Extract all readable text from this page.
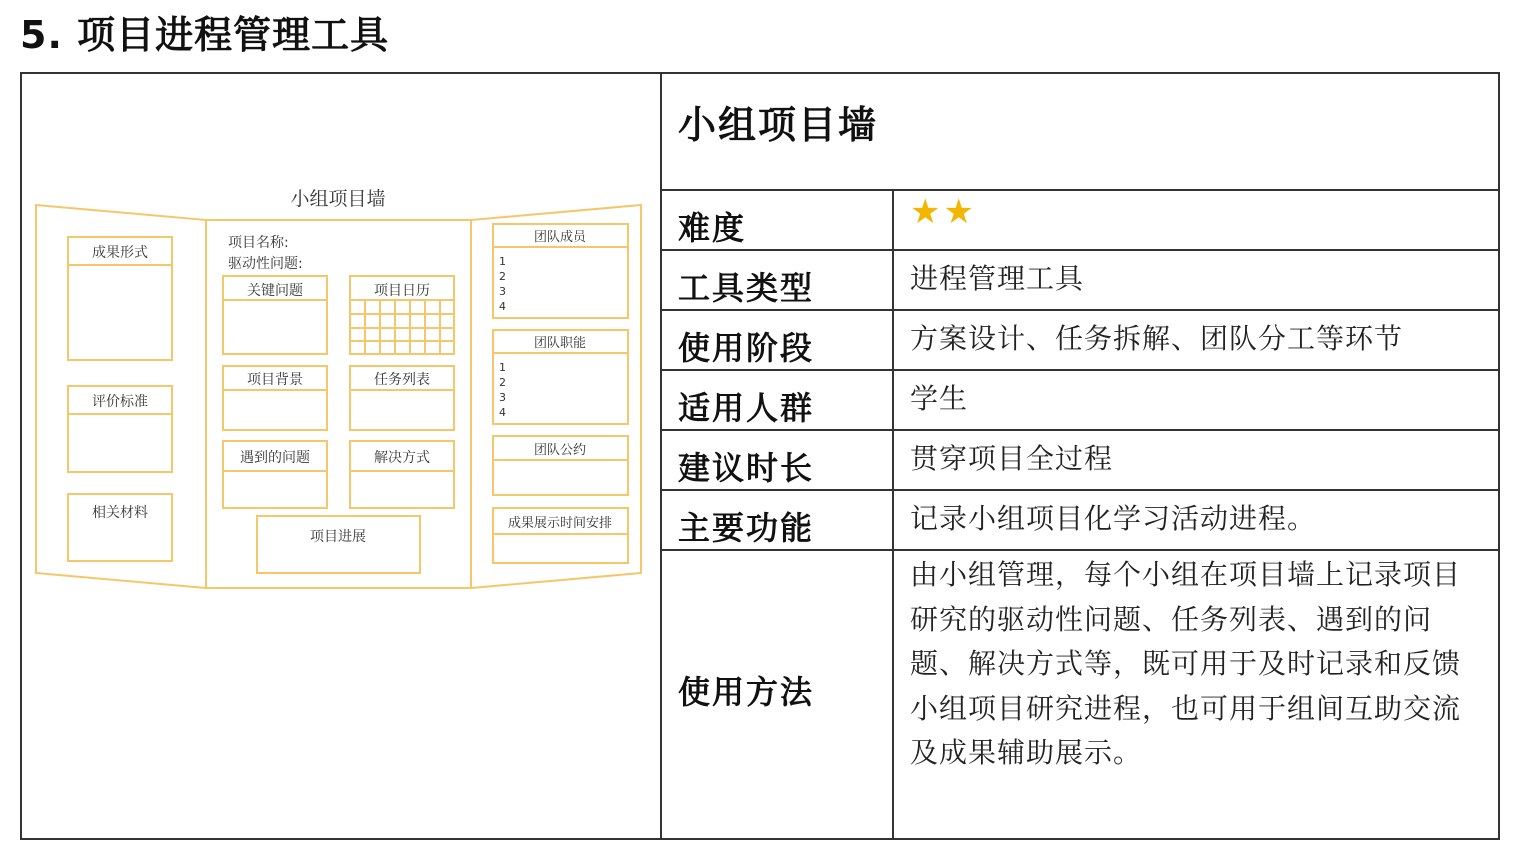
5. 项目进程管理工具
小组项目墙
成果形式
评价标准
相关材料
项目名称:
驱动性问题:
关键问题	项目日历
项目背景	任务列表
遇到的问题	解决方式
项目进展
团队成员
团队职能
团队公约
成果展示时间安排
1
2
3
4
1
2
3
4
小组项目墙
难度	★★
工具类型	进程管理工具
使用阶段	方案设计、任务拆解、团队分工等环节
适用人群	学生
建议时长	贯穿项目全过程
主要功能	记录小组项目化学习活动进程。
使用方法	由小组管理，每个小组在项目墙上记录项目
研究的驱动性问题、任务列表、遇到的问
题、解决方式等，既可用于及时记录和反馈
小组项目研究进程，也可用于组间互助交流
及成果辅助展示。
